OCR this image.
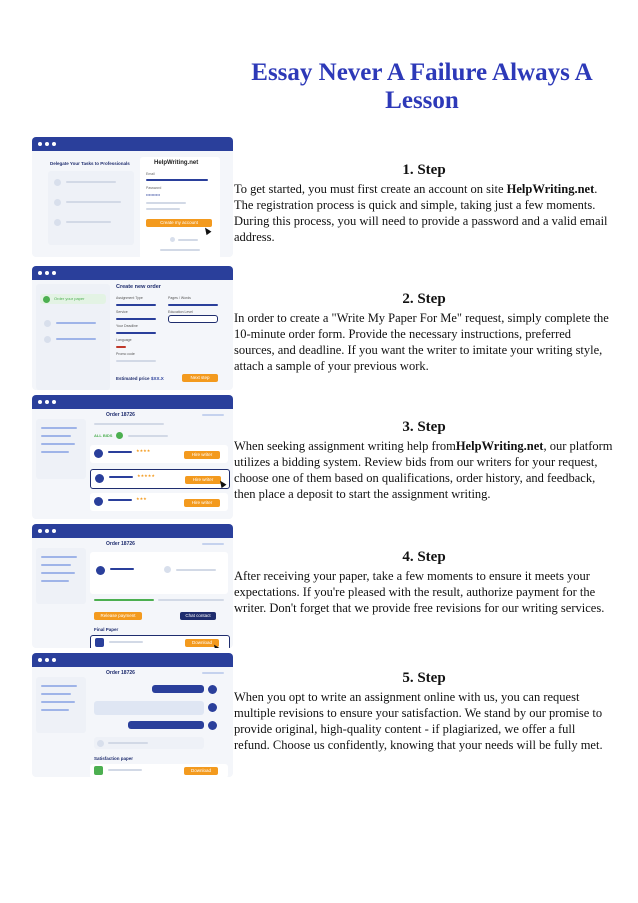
Essay Never A Failure Always A Lesson
Delegate Your Tasks to Professionals	HelpWriting.net
Email
Password
••••••••••
Create my account
Order your paper
Create new order
Assignment Type	Pages / Words
Service	Education Level
Your Deadline
Language
Promo code
Estimated price $XX.X	Next step
Order 18726
ALL BIDS
★★★★
Hire writer
★★★★★
Hire writer
★★★
Hire writer
Order 18726
Release payment	Chat contact
Final Paper
Download
Order 18726
Satisfaction paper
Download
1. Step

To get started, you must first create an account on site HelpWriting.net. The registration process is quick and simple, taking just a few moments. During this process, you will need to provide a password and a valid email address.

2. Step

In order to create a "Write My Paper For Me" request, simply complete the 10-minute order form. Provide the necessary instructions, preferred sources, and deadline. If you want the writer to imitate your writing style, attach a sample of your previous work.

3. Step

When seeking assignment writing help fromHelpWriting.net, our platform utilizes a bidding system. Review bids from our writers for your request, choose one of them based on qualifications, order history, and feedback, then place a deposit to start the assignment writing.

4. Step

After receiving your paper, take a few moments to ensure it meets your expectations. If you're pleased with the result, authorize payment for the writer. Don't forget that we provide free revisions for our writing services.

5. Step

When you opt to write an assignment online with us, you can request multiple revisions to ensure your satisfaction. We stand by our promise to provide original, high-quality content - if plagiarized, we offer a full refund. Choose us confidently, knowing that your needs will be fully met.
